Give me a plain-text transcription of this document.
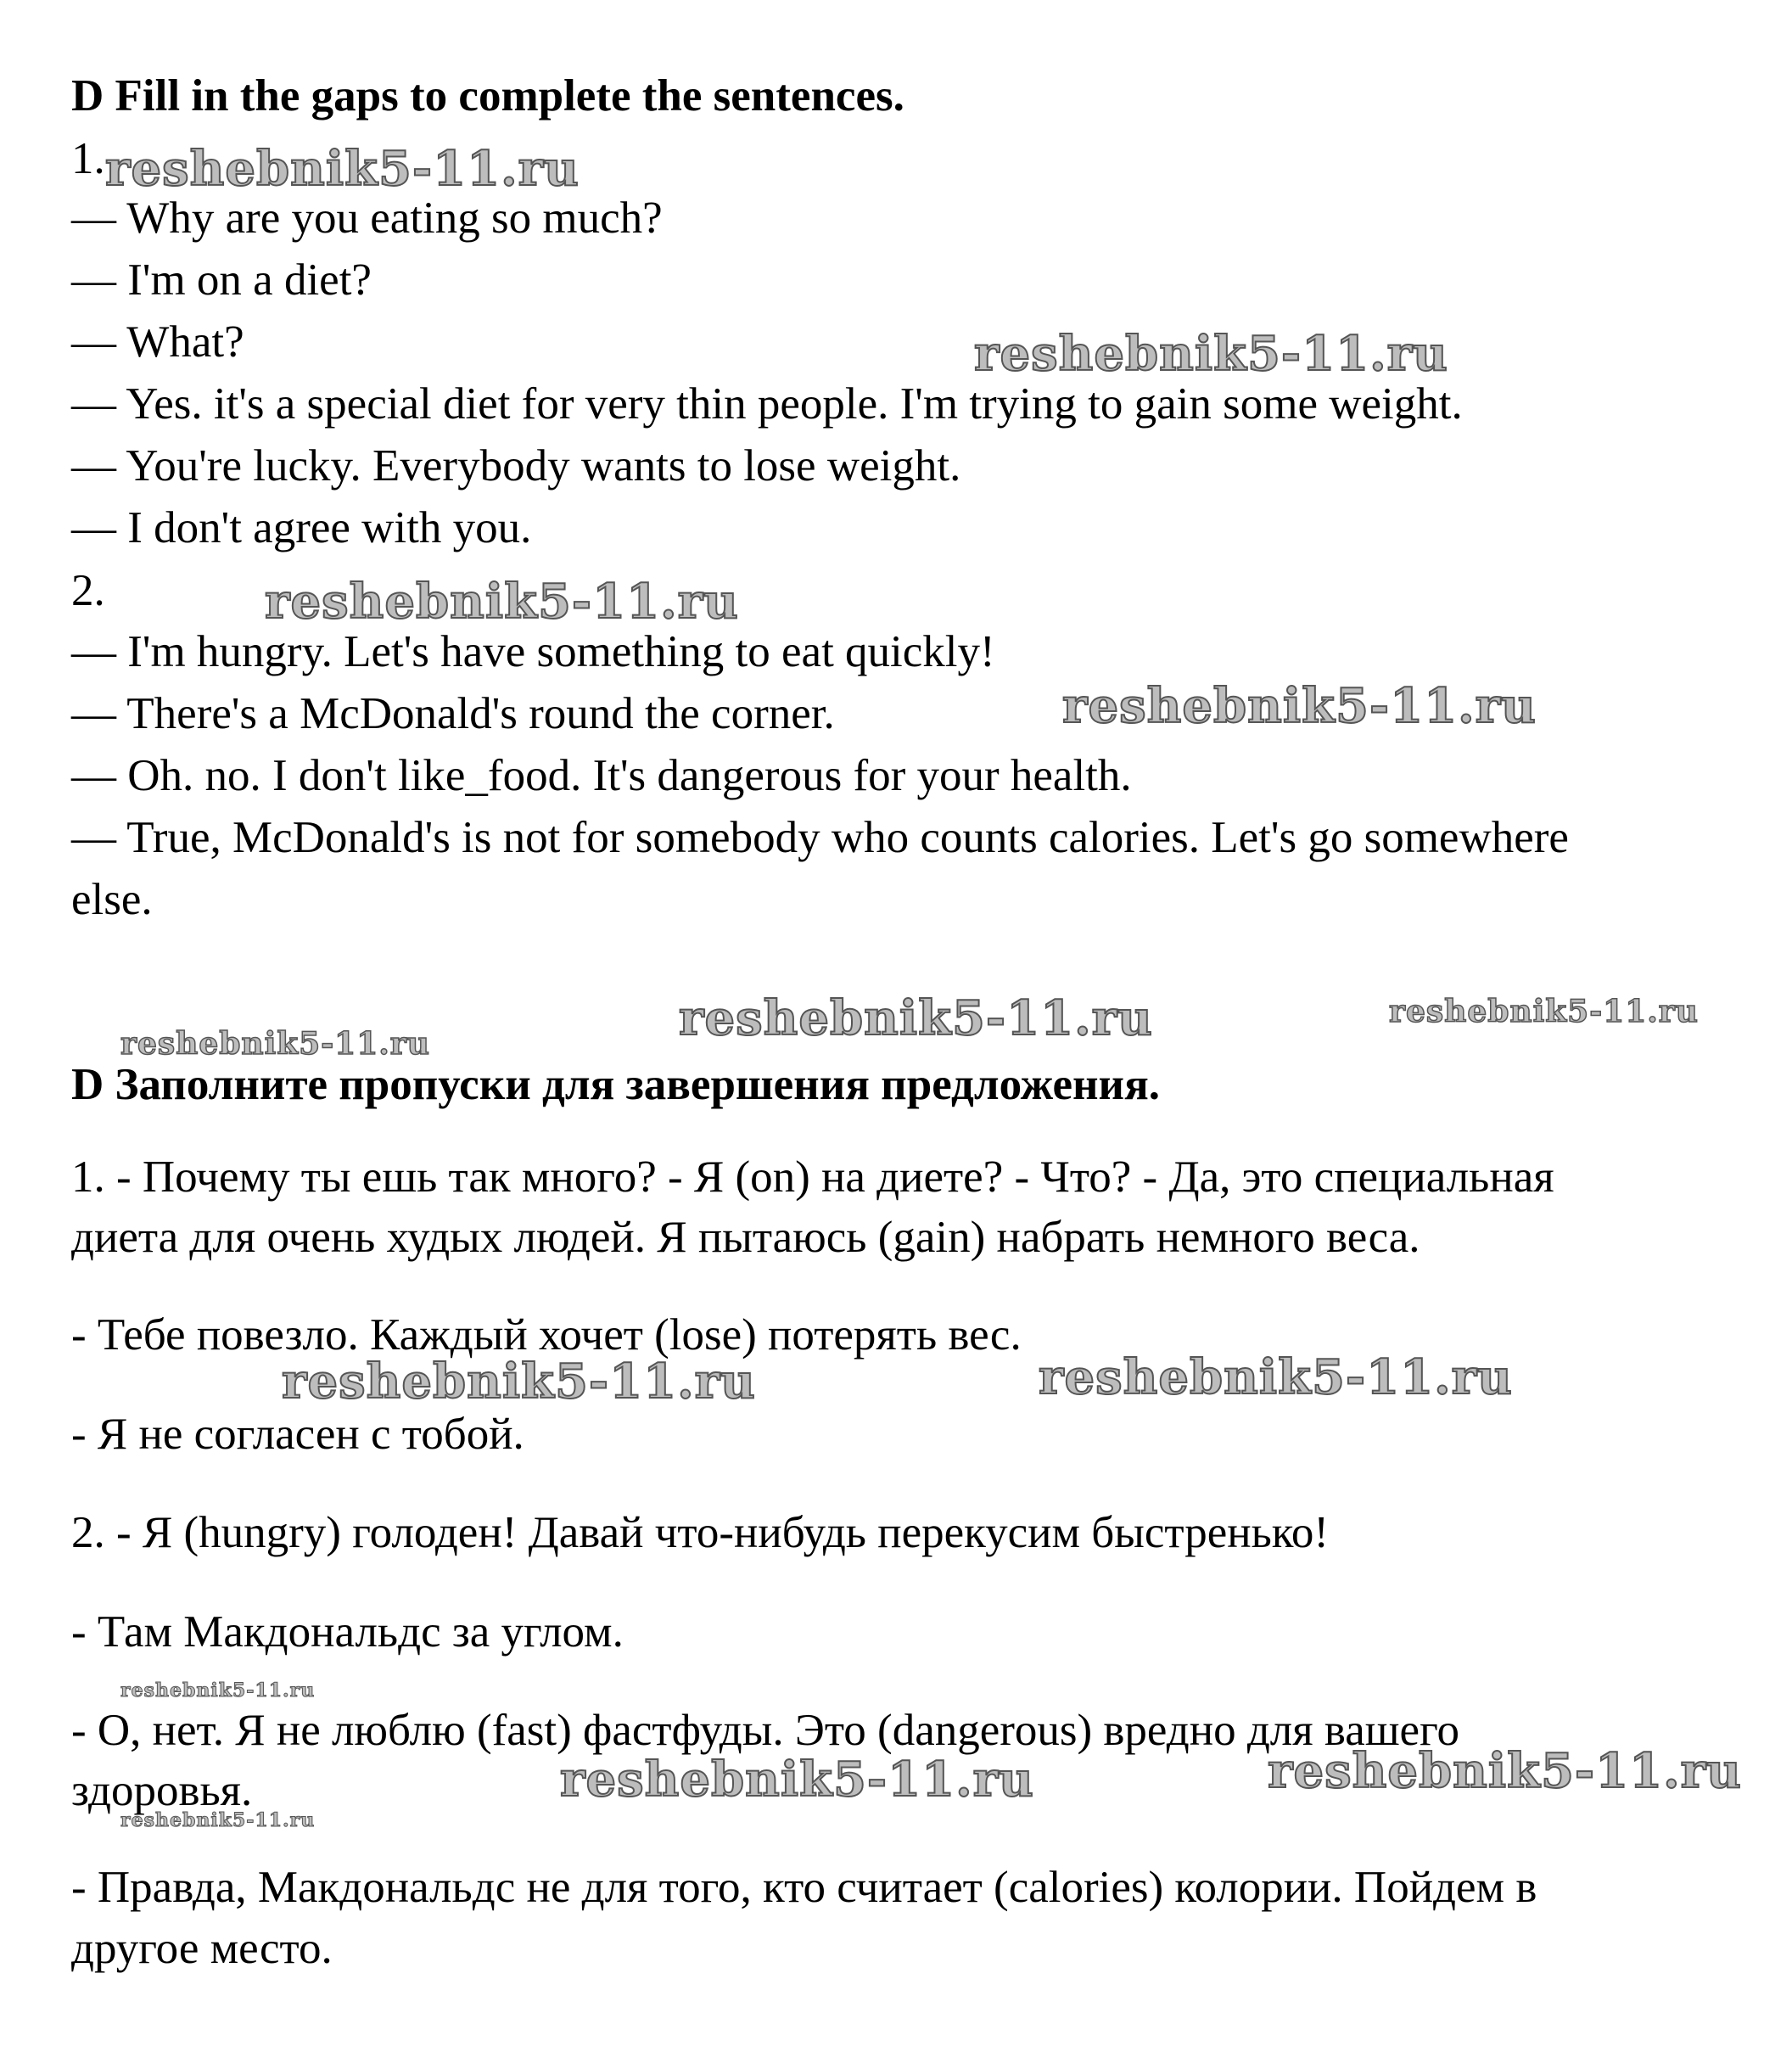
D Fill in the gaps to complete the sentences.
1.
— Why are you eating so much?
— I'm on a diet?
— What?
— Yes. it's a special diet for very thin people. I'm trying to gain some weight.
— You're lucky. Everybody wants to lose weight.
— I don't agree with you.
2.
— I'm hungry. Let's have something to eat quickly!
— There's a McDonald's round the corner.
— Oh. no. I don't like_food. It's dangerous for your health.
— True, McDonald's is not for somebody who counts calories. Let's go somewhere
else.
D Заполните пропуски для завершения предложения.
1. - Почему ты ешь так много? - Я (on) на диете? - Что? - Да, это специальная
диета для очень худых людей. Я пытаюсь (gain) набрать немного веса.
- Тебе повезло. Каждый хочет (lose) потерять вес.
- Я не согласен с тобой.
2. - Я (hungry) голоден! Давай что-нибудь перекусим быстренько!
- Там Макдональдс за углом.
- О, нет. Я не люблю (fast) фастфуды. Это (dangerous) вредно для вашего
здоровья.
- Правда, Макдональдс не для того, кто считает (calories) колории. Пойдем в
другое место.
reshebnik5-11.ru
reshebnik5-11.ru
reshebnik5-11.ru
reshebnik5-11.ru
reshebnik5-11.ru	reshebnik5-11.ru	reshebnik5-11.ru
reshebnik5-11.ru	reshebnik5-11.ru
reshebnik5-11.ru
reshebnik5-11.ru	reshebnik5-11.ru
reshebnik5-11.ru
